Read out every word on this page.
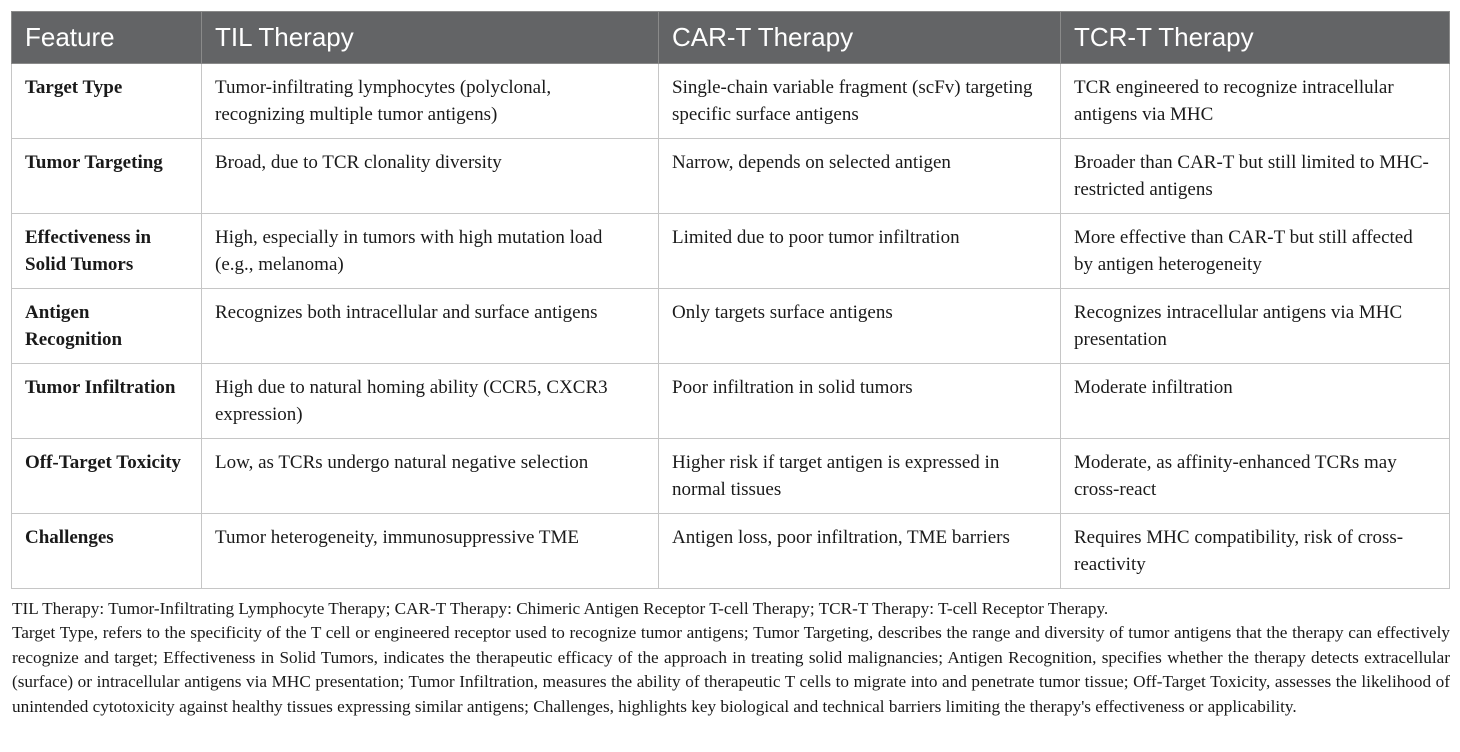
Feature	TIL Therapy	CAR-T Therapy	TCR-T Therapy
Target Type	Tumor-infiltrating lymphocytes (polyclonal, recognizing multiple tumor antigens)	Single-chain variable fragment (scFv) targeting specific surface antigens	TCR engineered to recognize intracellular antigens via MHC
Tumor Targeting	Broad, due to TCR clonality diversity	Narrow, depends on selected antigen	Broader than CAR-T but still limited to MHC-restricted antigens
Effectiveness in Solid Tumors	High, especially in tumors with high mutation load (e.g., melanoma)	Limited due to poor tumor infiltration	More effective than CAR-T but still affected by antigen heterogeneity
Antigen Recognition	Recognizes both intracellular and surface antigens	Only targets surface antigens	Recognizes intracellular antigens via MHC presentation
Tumor Infiltration	High due to natural homing ability (CCR5, CXCR3 expression)	Poor infiltration in solid tumors	Moderate infiltration
Off-Target Toxicity	Low, as TCRs undergo natural negative selection	Higher risk if target antigen is expressed in normal tissues	Moderate, as affinity-enhanced TCRs may cross-react
Challenges	Tumor heterogeneity, immunosuppressive TME	Antigen loss, poor infiltration, TME barriers	Requires MHC compatibility, risk of cross-reactivity

TIL Therapy: Tumor-Infiltrating Lymphocyte Therapy; CAR-T Therapy: Chimeric Antigen Receptor T-cell Therapy; TCR-T Therapy: T-cell Receptor Therapy.

Target Type, refers to the specificity of the T cell or engineered receptor used to recognize tumor antigens; Tumor Targeting, describes the range and diversity of tumor antigens that the therapy can effectively recognize and target; Effectiveness in Solid Tumors, indicates the therapeutic efficacy of the approach in treating solid malignancies; Antigen Recognition, specifies whether the therapy detects extracellular (surface) or intracellular antigens via MHC presentation; Tumor Infiltration, measures the ability of therapeutic T cells to migrate into and penetrate tumor tissue; Off-Target Toxicity, assesses the likelihood of unintended cytotoxicity against healthy tissues expressing similar antigens; Challenges, highlights key biological and technical barriers limiting the therapy's effectiveness or applicability.
